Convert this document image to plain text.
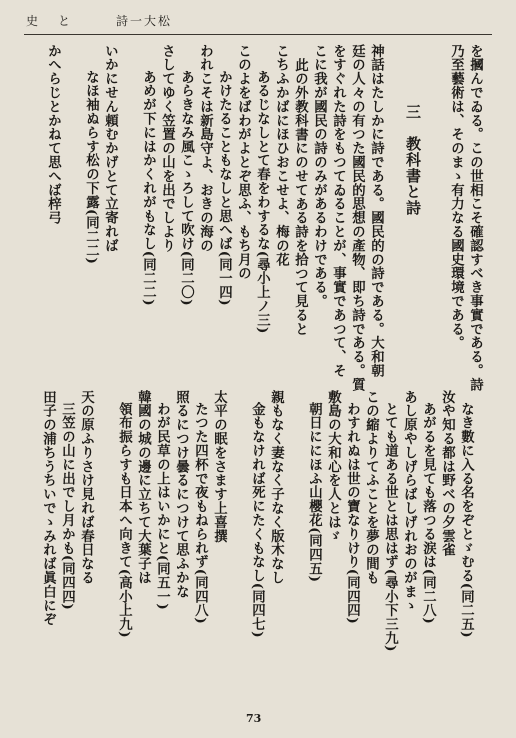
史　と	詩一大松
を摑んでゐる。この世相こそ確認すべき事實である。詩
乃至藝術は、そのまゝ有力なる國史環境である。
三　教科書と詩
神話はたしかに詩である。國民的の詩である。大和朝
廷の人々の有つた國民的思想の產物、即ち詩である。質
をすぐれた詩をもつてゐることが、事實であつて、そ
こに我が國民の詩のみがあるわけである。
此の外教科書にのせてある詩を拾つて見ると
こちふかばにほひおこせよ、梅の花
あるじなしとて春をわするな(尋小上ノ三)
このよをばわがよとぞ思ふ、もち月の
かけたることもなしと思へば(同一四)
われこそは新島守よ、おきの海の
あらきなみ風こゝろして吹け(同二〇)
さしてゆく笠置の山を出でしより
あめが下にはかくれがもなし(同二二)
いかにせん頼むかげとて立寄れば
なほ袖ぬらす松の下露(同二二)
かへらじとかねて思へば梓弓
なき數に入る名をぞとゞむる(同二五)
汝や知る都は野べの夕雲雀
あがるを見ても落つる涙は(同二八)
あし原やしげらばしげれおのがまゝ
とても道ある世とは思はず(尋小下三九)
この縮よりてふことを夢の間も
わすれぬは世の寶なりけり(同四四)
敷島の大和心を人とはゞ
朝日ににほふ山櫻花(同四五)
親もなく妻なく子なく版木なし
金もなければ死にたくもなし(同四七)
太平の眠をさます上喜撰
たつた四杯で夜もねられず(同四八)
照るにつけ曇るにつけて思ふかな
わが民草の上はいかにと(同五一)
韓國の城の邊に立ちて大葉子は
領布振らすも日本へ向きて(高小上九)
天の原ふりさけ見れば春日なる
三笠の山に出でし月かも(同四四)
田子の浦ちうちいでゝみれば眞白にぞ
73
